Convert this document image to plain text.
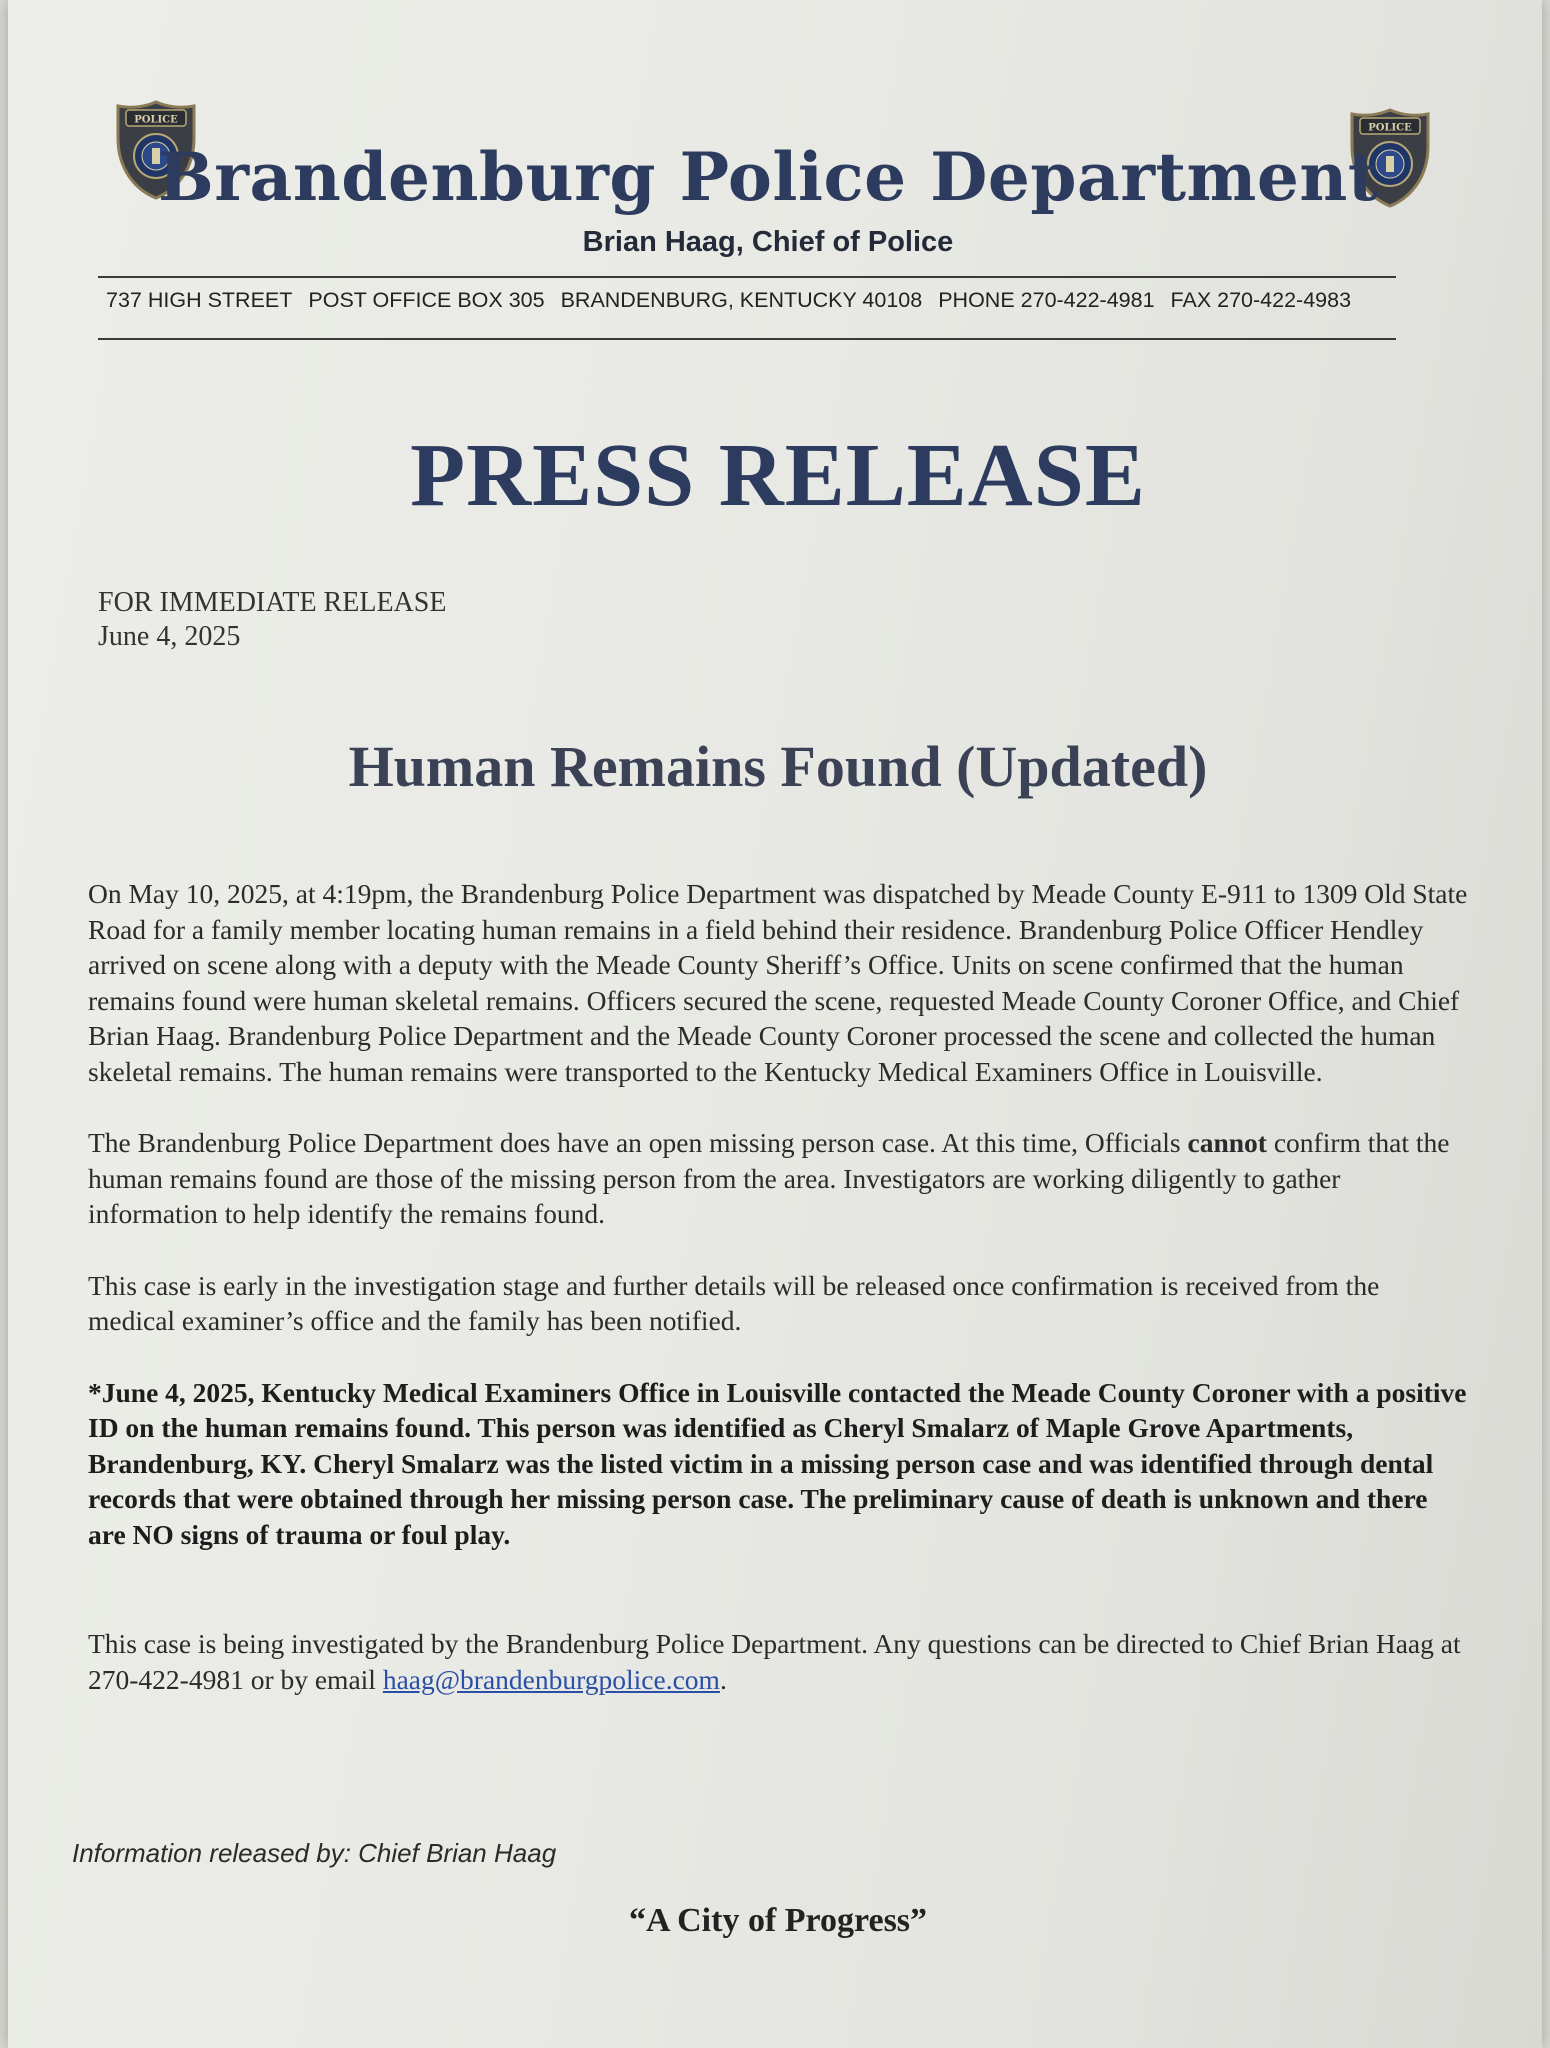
POLICE
POLICE
Brandenburg Police Department
Brian Haag, Chief of Police
737 HIGH STREET POST OFFICE BOX 305 BRANDENBURG, KENTUCKY 40108 PHONE 270-422-4981 FAX 270-422-4983
PRESS RELEASE
FOR IMMEDIATE RELEASE
June 4, 2025
Human Remains Found (Updated)

On May 10, 2025, at 4:19pm, the Brandenburg Police Department was dispatched by Meade County E-911 to 1309 Old State Road for a family member locating human remains in a field behind their residence. Brandenburg Police Officer Hendley arrived on scene along with a deputy with the Meade County Sheriff’s Office. Units on scene confirmed that the human remains found were human skeletal remains. Officers secured the scene, requested Meade County Coroner Office, and Chief Brian Haag. Brandenburg Police Department and the Meade County Coroner processed the scene and collected the human skeletal remains. The human remains were transported to the Kentucky Medical Examiners Office in Louisville.

The Brandenburg Police Department does have an open missing person case. At this time, Officials cannot confirm that the human remains found are those of the missing person from the area. Investigators are working diligently to gather information to help identify the remains found.

This case is early in the investigation stage and further details will be released once confirmation is received from the medical examiner’s office and the family has been notified.

*June 4, 2025, Kentucky Medical Examiners Office in Louisville contacted the Meade County Coroner with a positive ID on the human remains found. This person was identified as Cheryl Smalarz of Maple Grove Apartments, Brandenburg, KY. Cheryl Smalarz was the listed victim in a missing person case and was identified through dental records that were obtained through her missing person case. The preliminary cause of death is unknown and there are NO signs of trauma or foul play.

This case is being investigated by the Brandenburg Police Department. Any questions can be directed to Chief Brian Haag at 270-422-4981 or by email haag@brandenburgpolice.com.

Information released by: Chief Brian Haag
“A City of Progress”
